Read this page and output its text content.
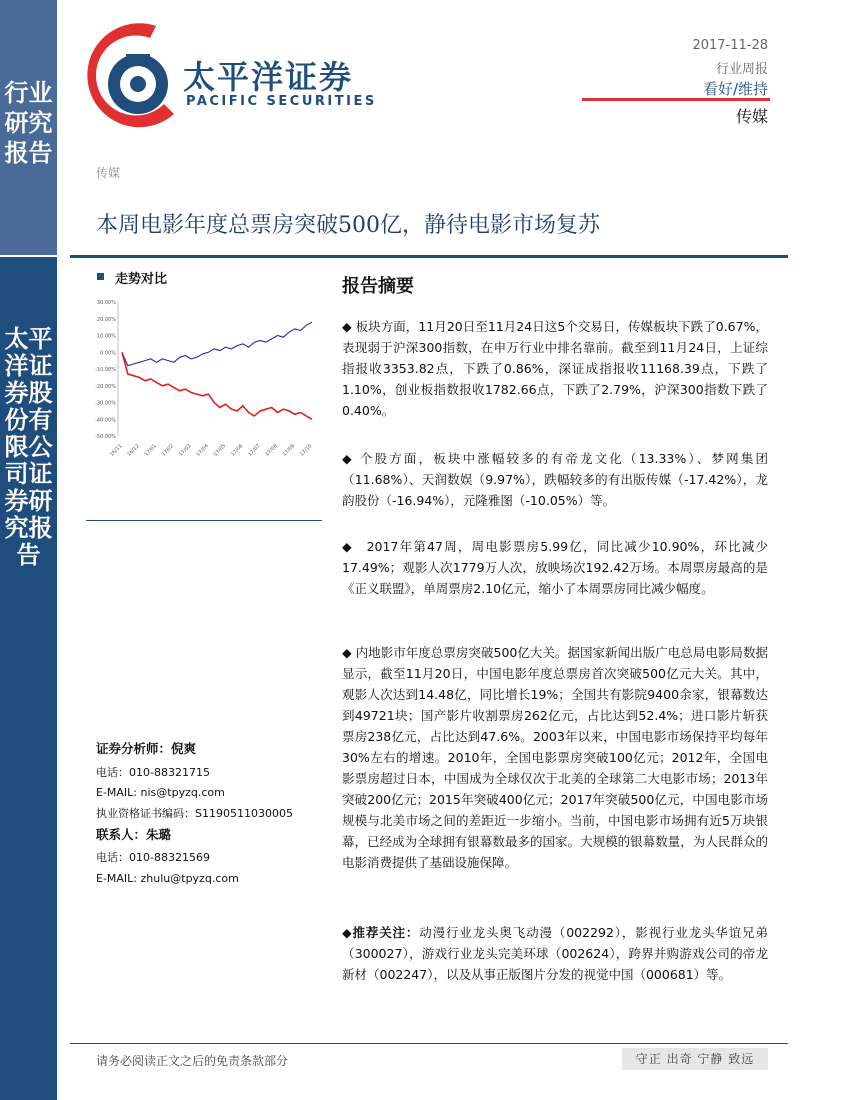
行业研究报告
太平洋证券股份有限公司证券研究报告
太平洋证券
PACIFIC SECURITIES
2017-11-28
行业周报
看好/维持
传媒
传媒
本周电影年度总票房突破500亿，静待电影市场复苏
走势对比
30.00%
20.00%
10.00%
0.00%
-10.00%
-20.00%
-30.00%
-40.00%
-50.00%
16/11 16/12 17/01 17/02 17/03 17/04 17/05 17/06 17/07 17/08 17/09 17/10
报告摘要
◆ 板块方面，11月20日至11月24日这5个交易日，传媒板块下跌了0.67%，表现弱于沪深300指数，在申万行业中排名靠前。截至到11月24日，上证综指报收3353.82点，下跌了0.86%，深证成指报收11168.39点，下跌了1.10%，创业板指数报收1782.66点，下跌了2.79%，沪深300指数下跌了0.40%。
◆ 个股方面，板块中涨幅较多的有帝龙文化（13.33%）、梦网集团（11.68%）、天润数娱（9.97%），跌幅较多的有出版传媒（-17.42%），龙韵股份（-16.94%），元隆雅图（-10.05%）等。
◆　2017年第47周，周电影票房5.99亿，同比减少10.90%，环比减少17.49%；观影人次1779万人次，放映场次192.42万场。本周票房最高的是《正义联盟》，单周票房2.10亿元，缩小了本周票房同比减少幅度。
◆ 内地影市年度总票房突破500亿大关。据国家新闻出版广电总局电影局数据显示，截至11月20日，中国电影年度总票房首次突破500亿元大关。其中，观影人次达到14.48亿，同比增长19%；全国共有影院9400余家，银幕数达到49721块；国产影片收割票房262亿元，占比达到52.4%；进口影片斩获票房238亿元，占比达到47.6%。2003年以来，中国电影市场保持平均每年30%左右的增速。2010年，全国电影票房突破100亿元；2012年，全国电影票房超过日本，中国成为全球仅次于北美的全球第二大电影市场；2013年突破200亿元；2015年突破400亿元；2017年突破500亿元，中国电影市场规模与北美市场之间的差距近一步缩小。当前，中国电影市场拥有近5万块银幕，已经成为全球拥有银幕数最多的国家。大规模的银幕数量，为人民群众的电影消费提供了基础设施保障。
◆推荐关注：动漫行业龙头奥飞动漫（002292），影视行业龙头华谊兄弟（300027），游戏行业龙头完美环球（002624），跨界并购游戏公司的帝龙新材（002247），以及从事正版图片分发的视觉中国（000681）等。
证券分析师：倪爽
电话：010-88321715
E-MAIL: nis@tpyzq.com
执业资格证书编码：S1190511030005
联系人：朱璐
电话：010-88321569
E-MAIL: zhulu@tpyzq.com
请务必阅读正文之后的免责条款部分	守正 出奇 宁静 致远
